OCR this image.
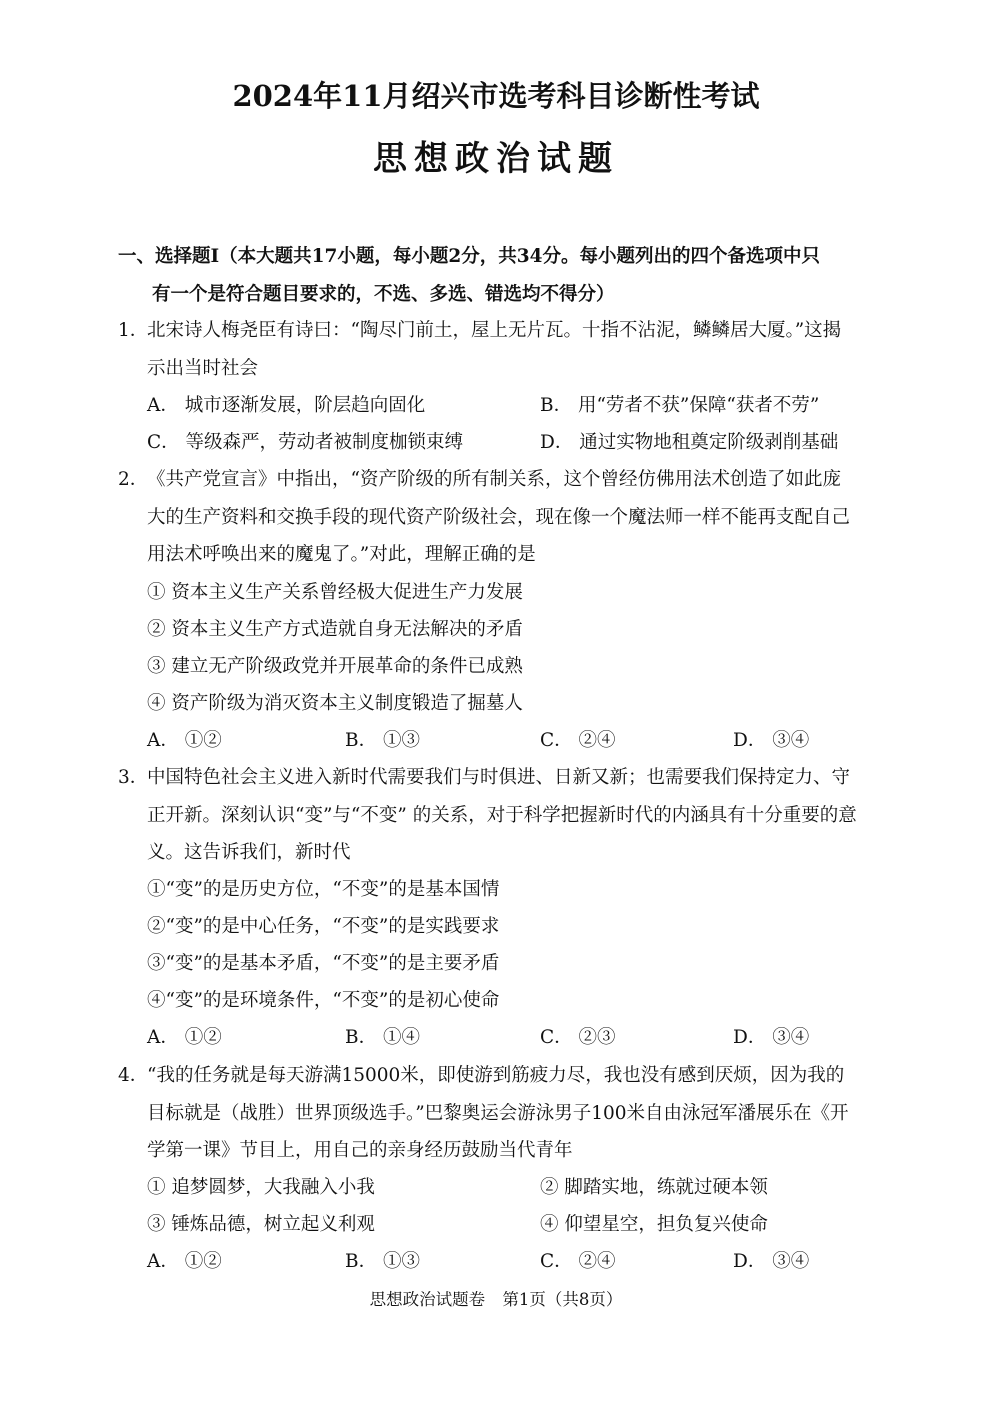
2024年11月绍兴市选考科目诊断性考试
思想政治试题
一、选择题Ⅰ（本大题共17小题，每小题2分，共34分。每小题列出的四个备选项中只
有一个是符合题目要求的，不选、多选、错选均不得分）
1．
北宋诗人梅尧臣有诗曰：“陶尽门前土，屋上无片瓦。十指不沾泥，鳞鳞居大厦。”这揭
示出当时社会
A． 城市逐渐发展，阶层趋向固化	B． 用“劳者不获”保障“获者不劳”
C． 等级森严，劳动者被制度枷锁束缚	D． 通过实物地租奠定阶级剥削基础
2．
《共产党宣言》中指出，“资产阶级的所有制关系，这个曾经仿佛用法术创造了如此庞
大的生产资料和交换手段的现代资产阶级社会，现在像一个魔法师一样不能再支配自己
用法术呼唤出来的魔鬼了。”对此，理解正确的是
① 资本主义生产关系曾经极大促进生产力发展
② 资本主义生产方式造就自身无法解决的矛盾
③ 建立无产阶级政党并开展革命的条件已成熟
④ 资产阶级为消灭资本主义制度锻造了掘墓人
A． ①②	B． ①③	C． ②④	D． ③④
3．
中国特色社会主义进入新时代需要我们与时俱进、日新又新；也需要我们保持定力、守
正开新。深刻认识“变”与“不变” 的关系，对于科学把握新时代的内涵具有十分重要的意
义。这告诉我们，新时代
①“变”的是历史方位，“不变”的是基本国情
②“变”的是中心任务，“不变”的是实践要求
③“变”的是基本矛盾，“不变”的是主要矛盾
④“变”的是环境条件，“不变”的是初心使命
A． ①②	B． ①④	C． ②③	D． ③④
4．
“我的任务就是每天游满15000米，即使游到筋疲力尽，我也没有感到厌烦，因为我的
目标就是（战胜）世界顶级选手。”巴黎奥运会游泳男子100米自由泳冠军潘展乐在《开
学第一课》节目上，用自己的亲身经历鼓励当代青年
① 追梦圆梦，大我融入小我	② 脚踏实地，练就过硬本领
③ 锤炼品德，树立起义利观	④ 仰望星空，担负复兴使命
A． ①②	B． ①③	C． ②④	D． ③④
思想政治试题卷 第1页（共8页）
